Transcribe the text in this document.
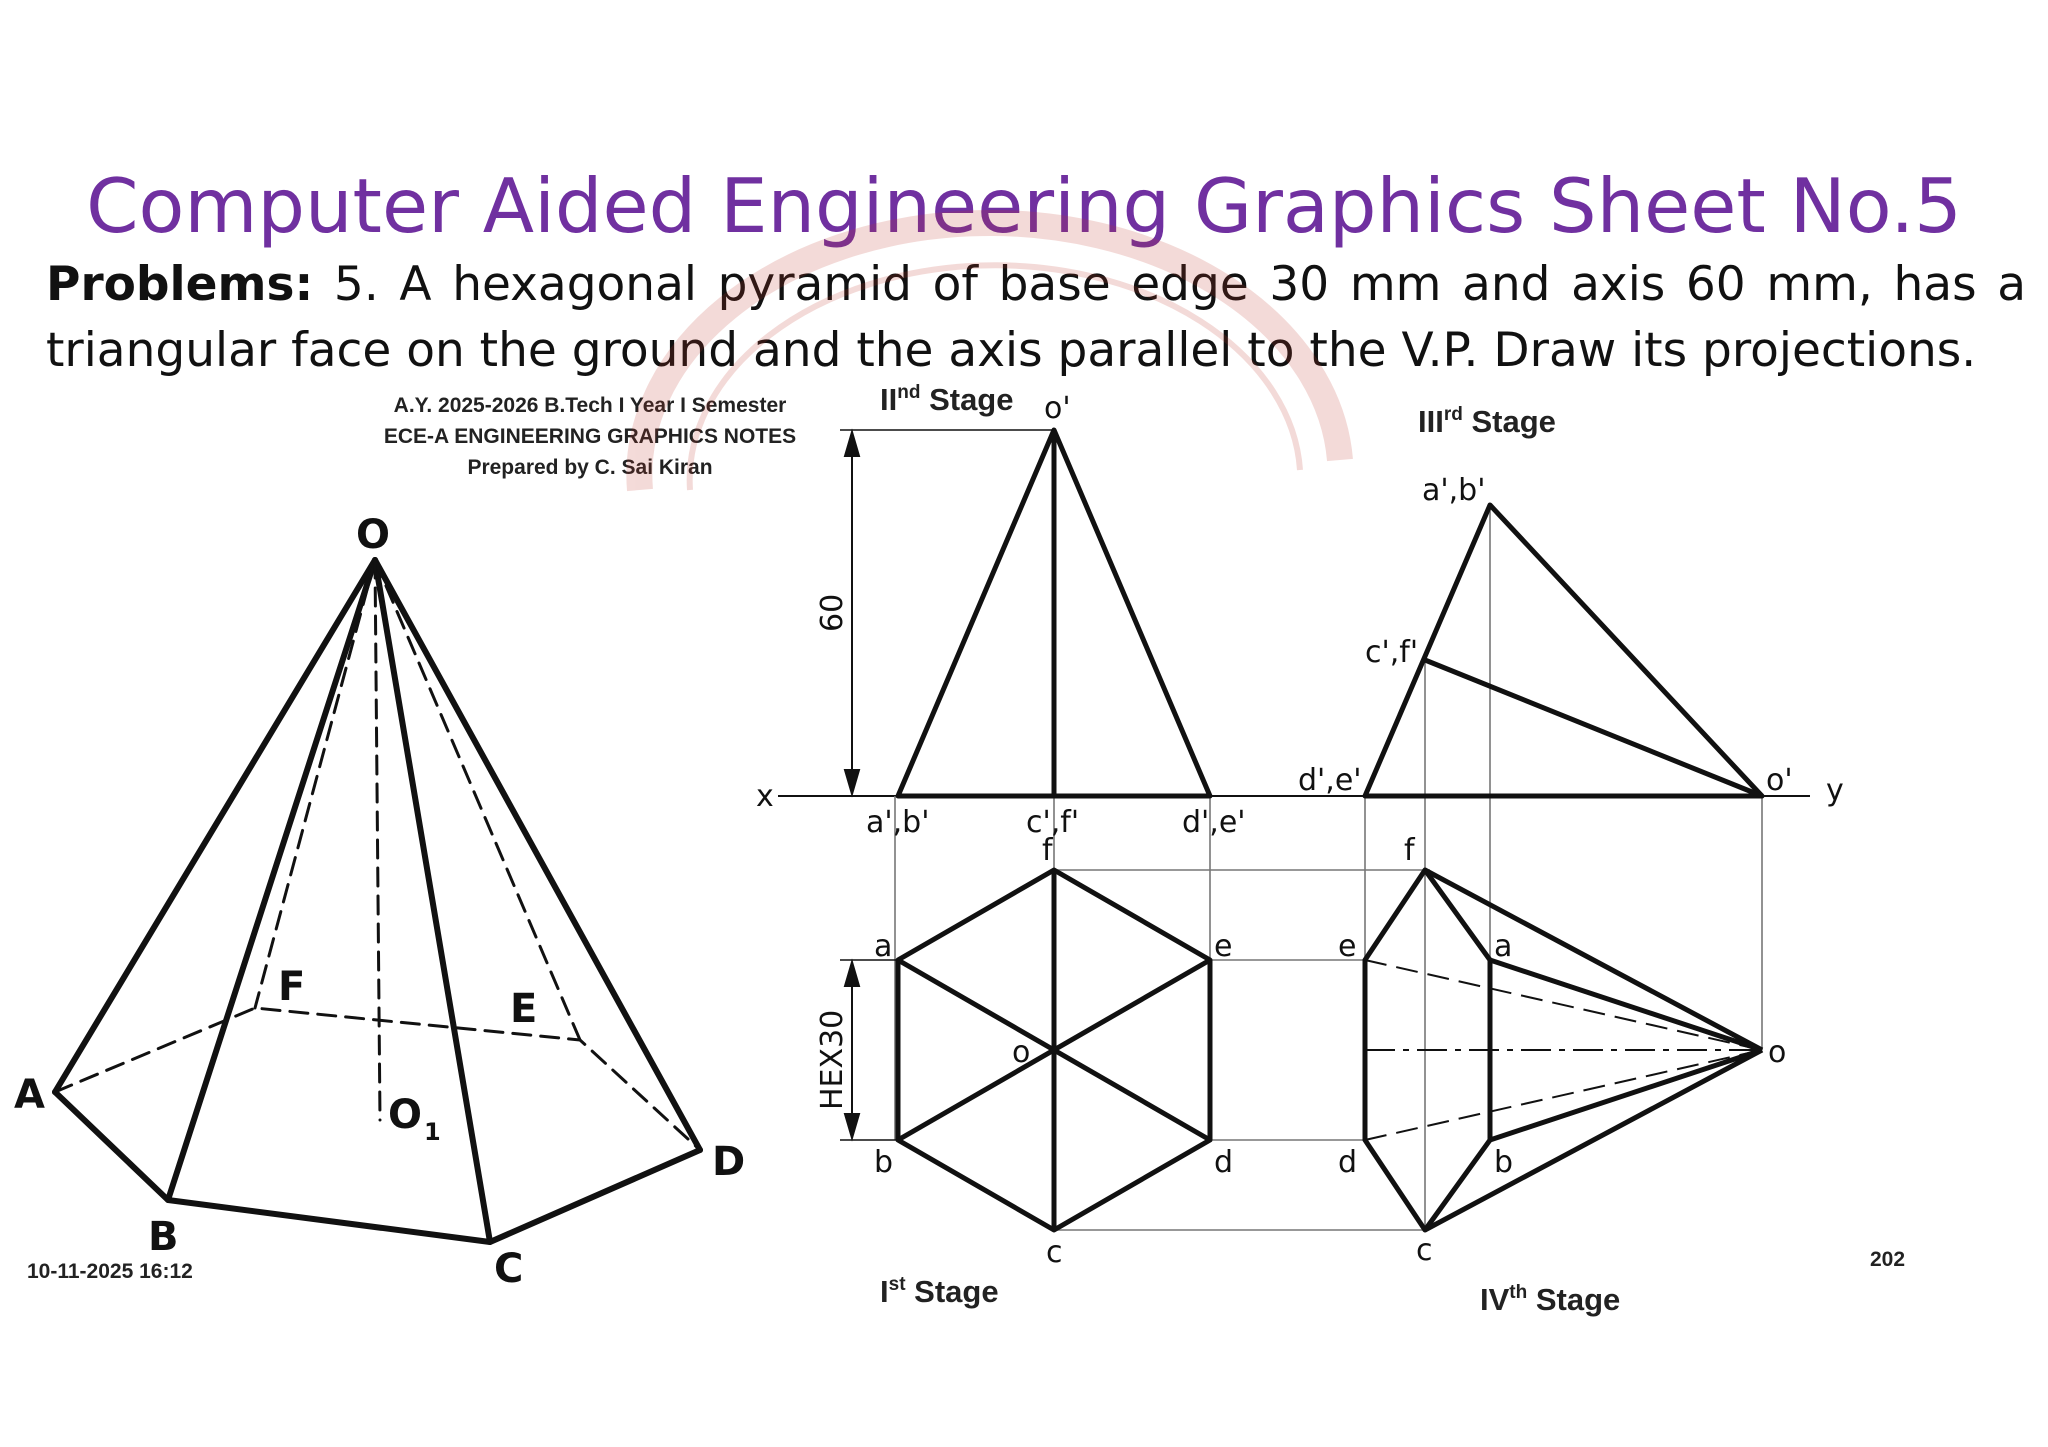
Computer Aided Engineering Graphics Sheet No.5
Problems: 5. A hexagonal pyramid of base edge 30 mm and axis 60 mm, has a triangular face on the ground and the axis parallel to the V.P. Draw its projections.
A.Y. 2025-2026 B.Tech I Year I Semester
ECE-A ENGINEERING GRAPHICS NOTES
Prepared by C. Sai Kiran
O
A
B
C
D
E
F
O 1
x	y
60
a',b'	c',f'	d',e'
o'
HEX30
a
b
c
d
e
f
o
a',b'
c',f'
d',e'	o'
a
b
c
d
e
f
o
IInd Stage
IIIrd Stage
Ist Stage	IVth Stage
10-11-2025 16:12
202
